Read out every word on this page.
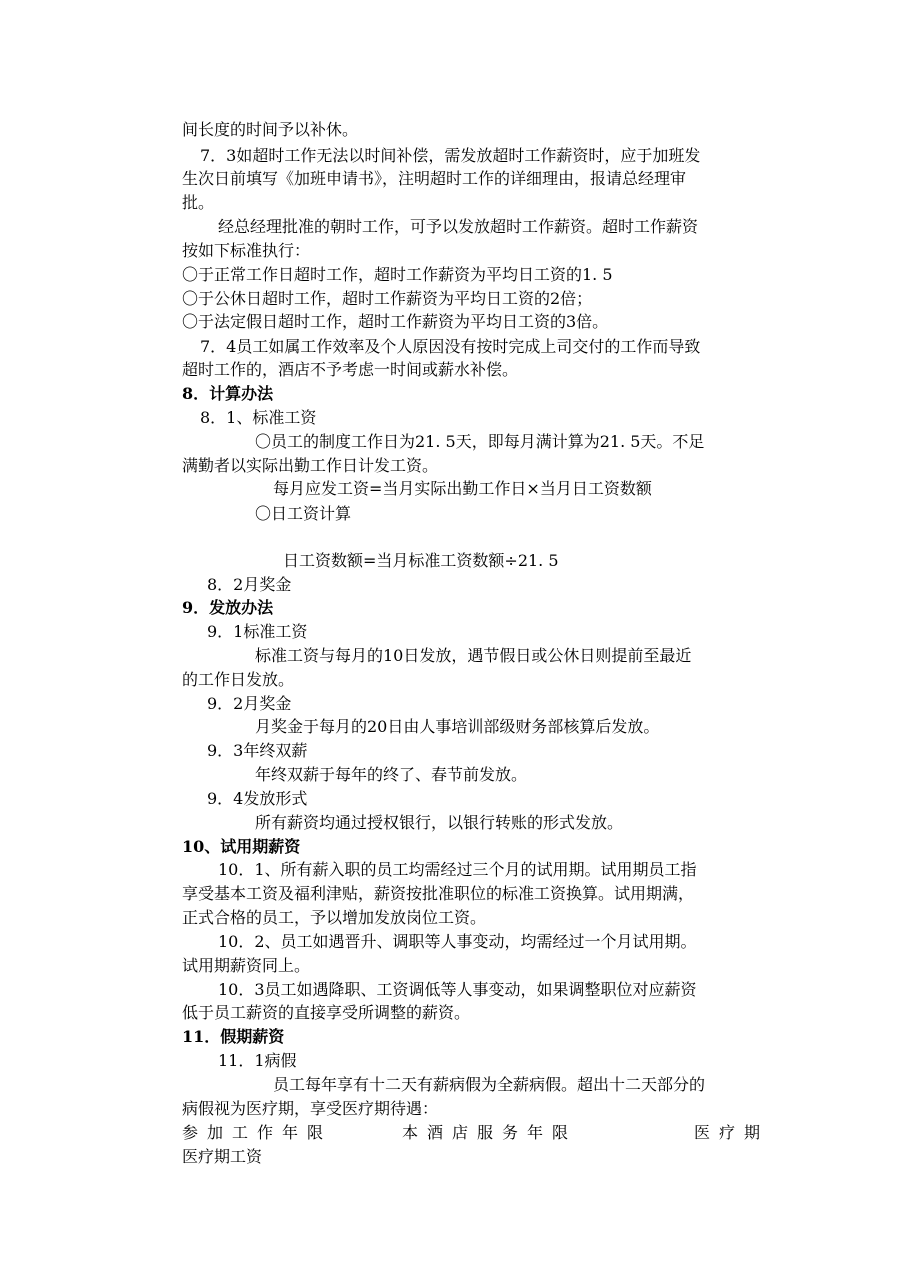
间长度的时间予以补休。
7．3如超时工作无法以时间补偿，需发放超时工作薪资时，应于加班发
生次日前填写《加班申请书》，注明超时工作的详细理由，报请总经理审
批。
经总经理批准的朝时工作，可予以发放超时工作薪资。超时工作薪资
按如下标准执行：
〇于正常工作日超时工作，超时工作薪资为平均日工资的1. 5
〇于公休日超时工作，超时工作薪资为平均日工资的2倍；
〇于法定假日超时工作，超时工作薪资为平均日工资的3倍。
7．4员工如属工作效率及个人原因没有按时完成上司交付的工作而导致
超时工作的，酒店不予考虑一时间或薪水补偿。
8．计算办法
8．1、标准工资
〇员工的制度工作日为21. 5天，即每月满计算为21. 5天。不足
满勤者以实际出勤工作日计发工资。
每月应发工资=当月实际出勤工作日×当月日工资数额
〇日工资计算
日工资数额=当月标准工资数额÷21. 5
8．2月奖金
9．发放办法
9．1标准工资
标准工资与每月的10日发放，遇节假日或公休日则提前至最近
的工作日发放。
9．2月奖金
月奖金于每月的20日由人事培训部级财务部核算后发放。
9．3年终双薪
年终双薪于每年的终了、春节前发放。
9．4发放形式
所有薪资均通过授权银行，以银行转账的形式发放。
10、试用期薪资
10．1、所有薪入职的员工均需经过三个月的试用期。试用期员工指
享受基本工资及福利津贴，薪资按批准职位的标准工资换算。试用期满，
正式合格的员工，予以增加发放岗位工资。
10．2、员工如遇晋升、调职等人事变动，均需经过一个月试用期。
试用期薪资同上。
10．3员工如遇降职、工资调低等人事变动，如果调整职位对应薪资
低于员工薪资的直接享受所调整的薪资。
11．假期薪资
11．1病假
员工每年享有十二天有薪病假为全薪病假。超出十二天部分的
病假视为医疗期，享受医疗期待遇：

参加工作年限

	本酒店服务年限

	医疗期

医疗期工资
